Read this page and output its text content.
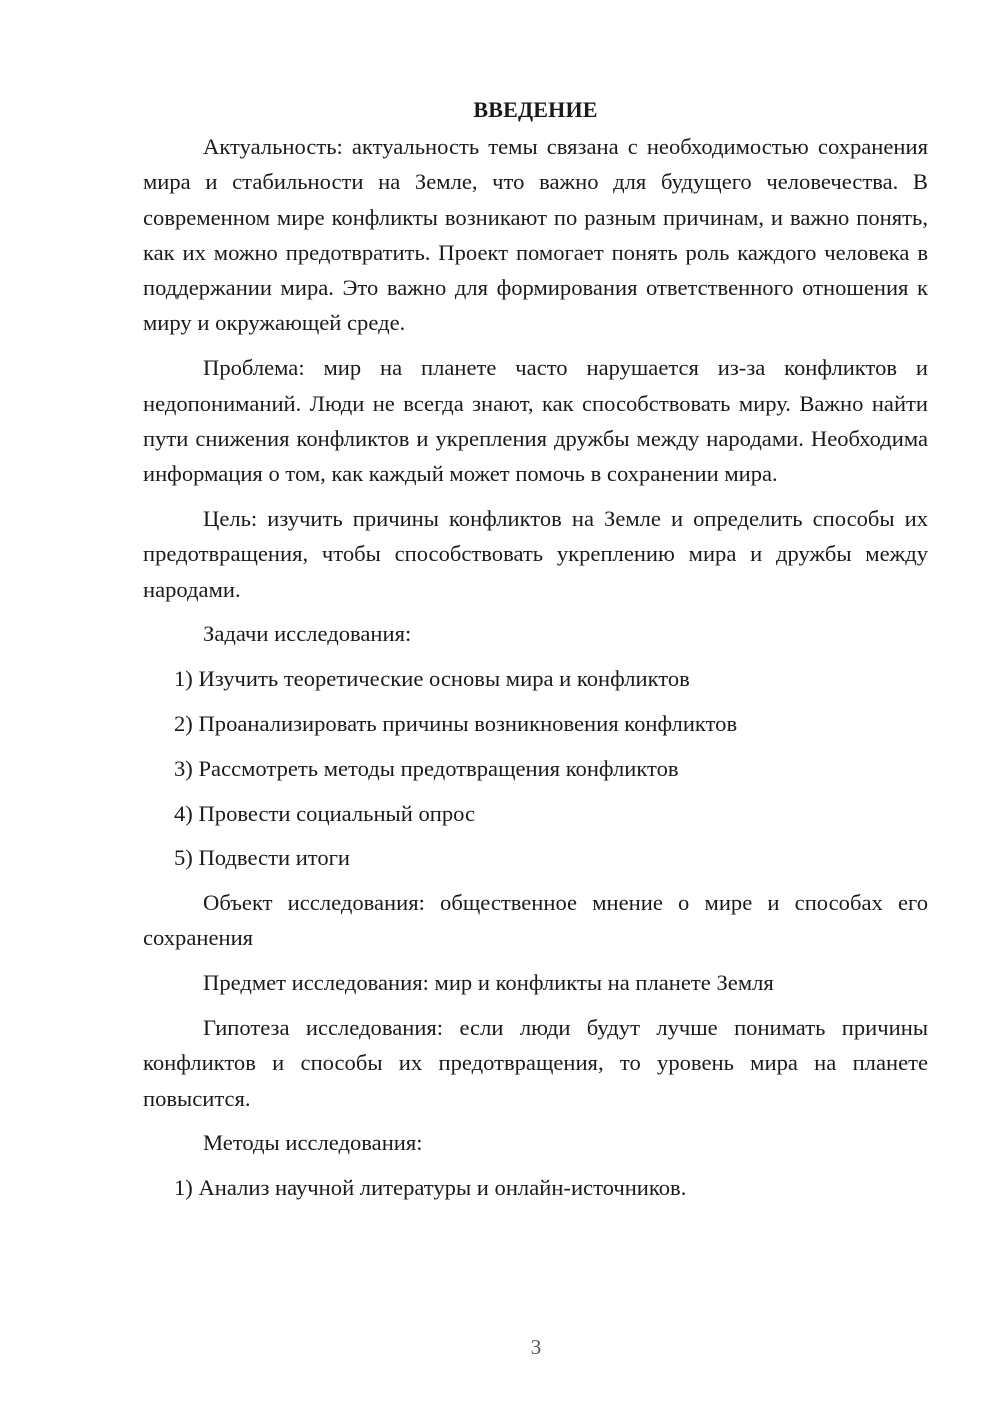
ВВЕДЕНИЕ

Актуальность: актуальность темы связана с необходимостью сохранения мира и стабильности на Земле, что важно для будущего человечества. В современном мире конфликты возникают по разным причинам, и важно понять, как их можно предотвратить. Проект помогает понять роль каждого человека в поддержании мира. Это важно для формирования ответственного отношения к миру и окружающей среде.

Проблема: мир на планете часто нарушается из-за конфликтов и недопониманий. Люди не всегда знают, как способствовать миру. Важно найти пути снижения конфликтов и укрепления дружбы между народами. Необходима информация о том, как каждый может помочь в сохранении мира.

Цель: изучить причины конфликтов на Земле и определить способы их предотвращения, чтобы способствовать укреплению мира и дружбы между народами.

Задачи исследования:
1) Изучить теоретические основы мира и конфликтов
2) Проанализировать причины возникновения конфликтов
3) Рассмотреть методы предотвращения конфликтов
4) Провести социальный опрос
5) Подвести итоги

Объект исследования: общественное мнение о мире и способах его сохранения

Предмет исследования: мир и конфликты на планете Земля

Гипотеза исследования: если люди будут лучше понимать причины конфликтов и способы их предотвращения, то уровень мира на планете повысится.

Методы исследования:
1) Анализ научной литературы и онлайн-источников.
3
